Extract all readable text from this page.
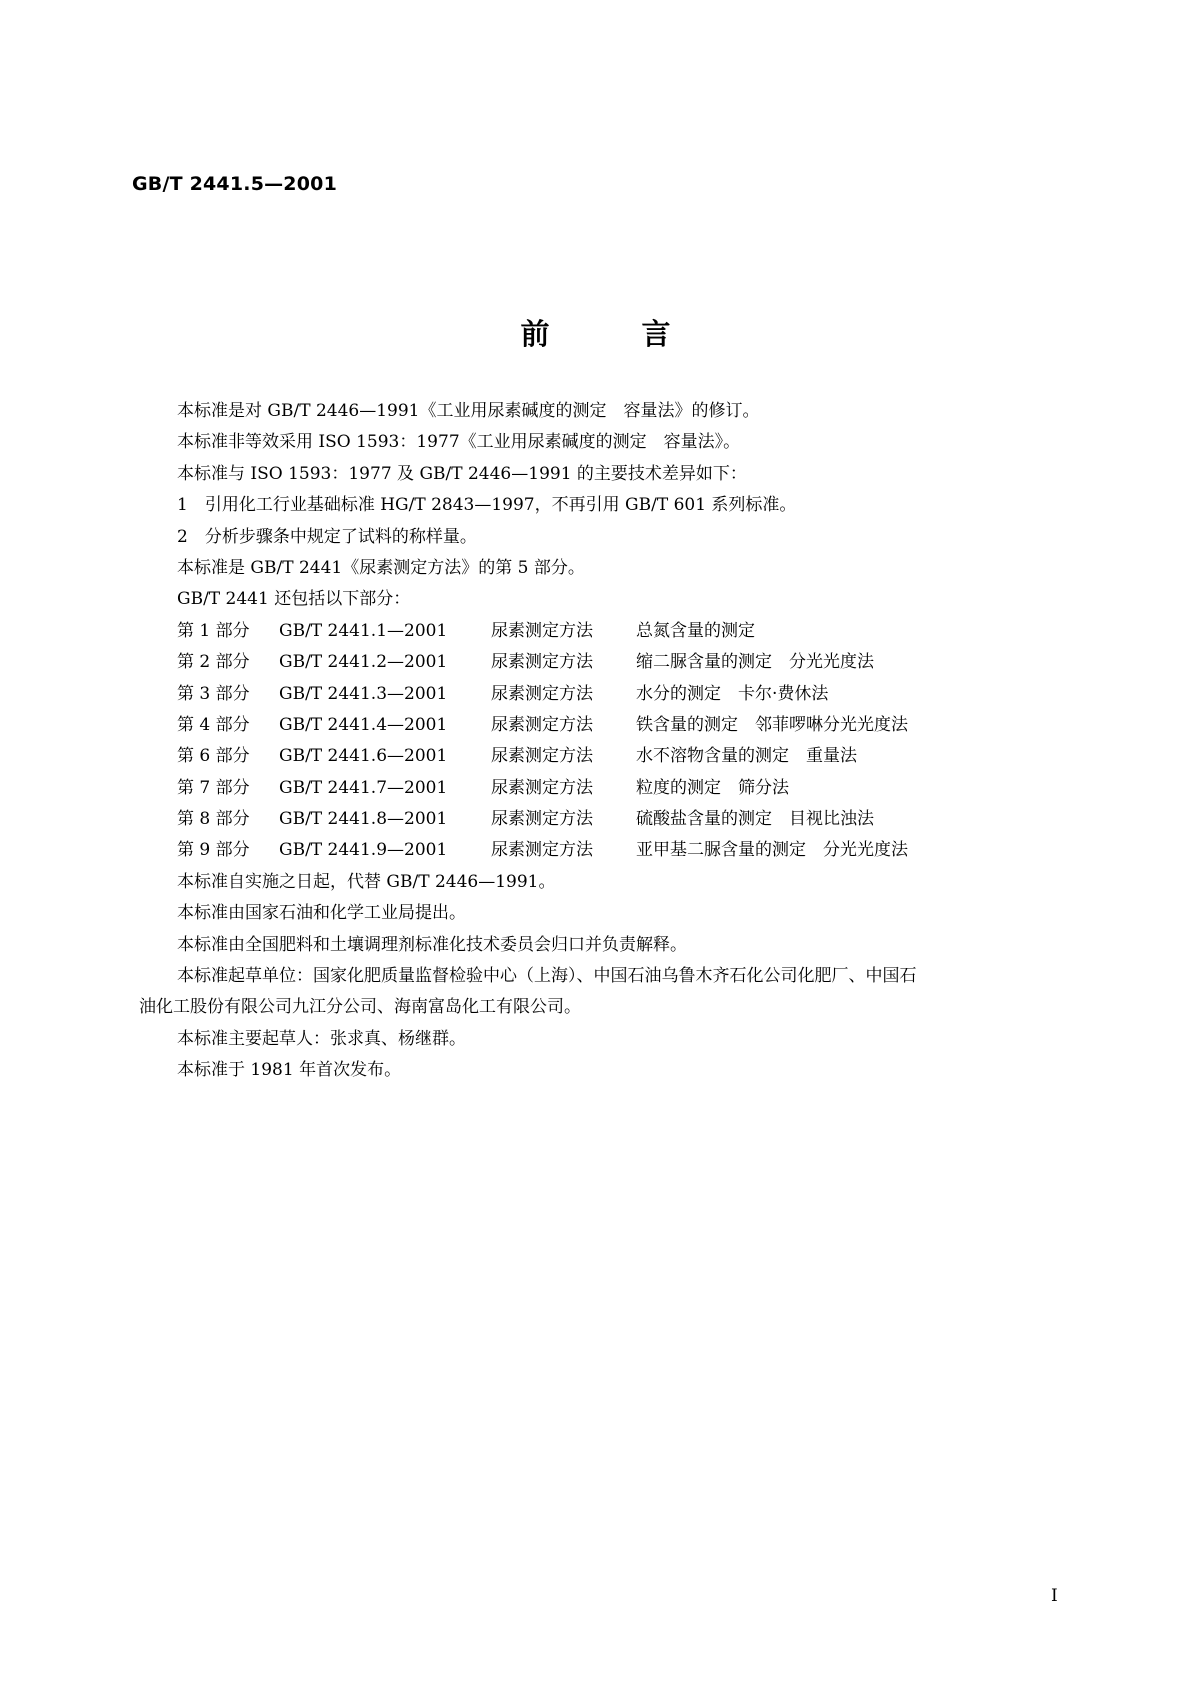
GB/T 2441.5—2001
前 言
本标准是对 GB/T 2446—1991《工业用尿素碱度的测定　容量法》的修订。
本标准非等效采用 ISO 1593：1977《工业用尿素碱度的测定　容量法》。
本标准与 ISO 1593：1977 及 GB/T 2446—1991 的主要技术差异如下：
1　引用化工行业基础标准 HG/T 2843—1997，不再引用 GB/T 601 系列标准。
2　分析步骤条中规定了试料的称样量。
本标准是 GB/T 2441《尿素测定方法》的第 5 部分。
GB/T 2441 还包括以下部分：
第 1 部分 GB/T 2441.1—2001	尿素测定方法	总氮含量的测定
第 2 部分 GB/T 2441.2—2001	尿素测定方法	缩二脲含量的测定　分光光度法
第 3 部分 GB/T 2441.3—2001	尿素测定方法	水分的测定　卡尔·费休法
第 4 部分 GB/T 2441.4—2001	尿素测定方法	铁含量的测定　邻菲啰啉分光光度法
第 6 部分 GB/T 2441.6—2001	尿素测定方法	水不溶物含量的测定　重量法
第 7 部分 GB/T 2441.7—2001	尿素测定方法	粒度的测定　筛分法
第 8 部分 GB/T 2441.8—2001	尿素测定方法	硫酸盐含量的测定　目视比浊法
第 9 部分 GB/T 2441.9—2001	尿素测定方法	亚甲基二脲含量的测定　分光光度法
本标准自实施之日起，代替 GB/T 2446—1991。
本标准由国家石油和化学工业局提出。
本标准由全国肥料和土壤调理剂标准化技术委员会归口并负责解释。
本标准起草单位：国家化肥质量监督检验中心（上海）、中国石油乌鲁木齐石化公司化肥厂、中国石
油化工股份有限公司九江分公司、海南富岛化工有限公司。
本标准主要起草人：张求真、杨继群。
本标准于 1981 年首次发布。
I
